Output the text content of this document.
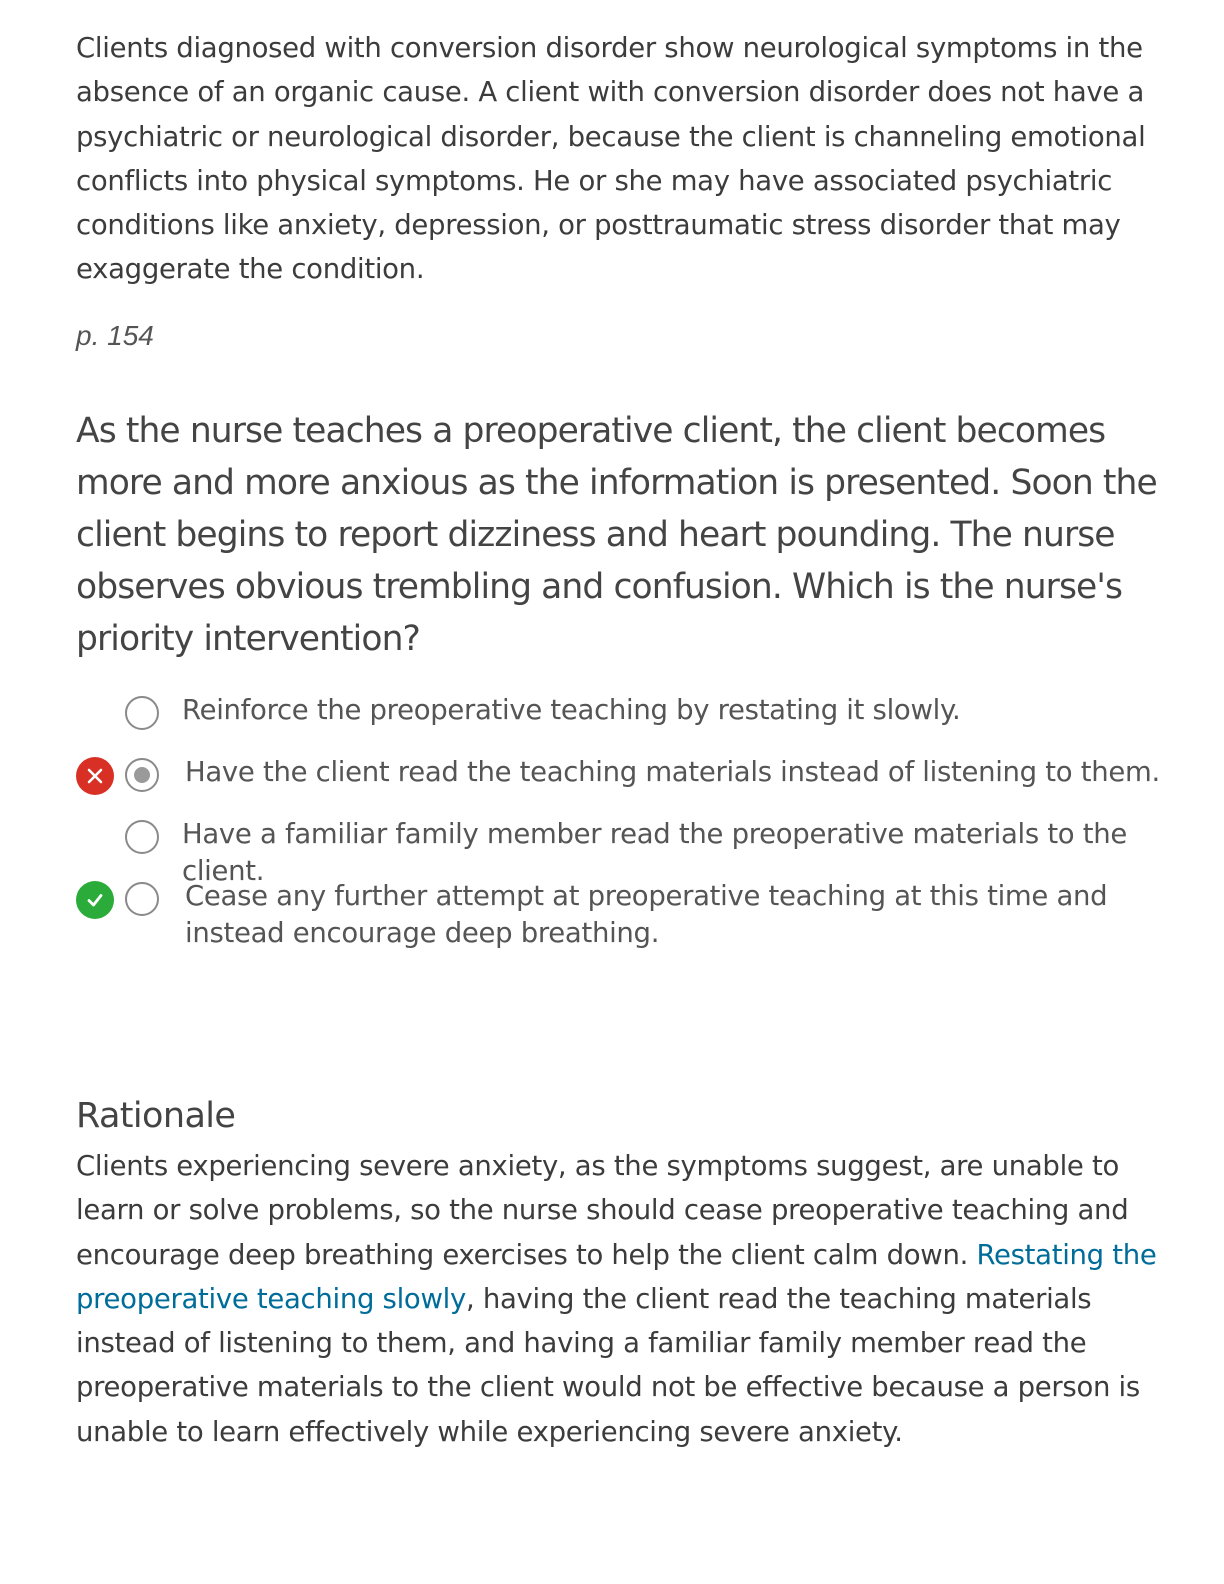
Clients diagnosed with conversion disorder show neurological symptoms in the absence of an organic cause. A client with conversion disorder does not have a psychiatric or neurological disorder, because the client is channeling emotional conflicts into physical symptoms. He or she may have associated psychiatric conditions like anxiety, depression, or posttraumatic stress disorder that may exaggerate the condition.
p. 154
As the nurse teaches a preoperative client, the client becomes more and more anxious as the information is presented. Soon the client begins to report dizziness and heart pounding. The nurse observes obvious trembling and confusion. Which is the nurse's priority intervention?
Reinforce the preoperative teaching by restating it slowly.
Have the client read the teaching materials instead of listening to them.
Have a familiar family member read the preoperative materials to the client.
Cease any further attempt at preoperative teaching at this time and instead encourage deep breathing.
Rationale
Clients experiencing severe anxiety, as the symptoms suggest, are unable to learn or solve problems, so the nurse should cease preoperative teaching and encourage deep breathing exercises to help the client calm down. Restating the preoperative teaching slowly, having the client read the teaching materials instead of listening to them, and having a familiar family member read the preoperative materials to the client would not be effective because a person is unable to learn effectively while experiencing severe anxiety.
